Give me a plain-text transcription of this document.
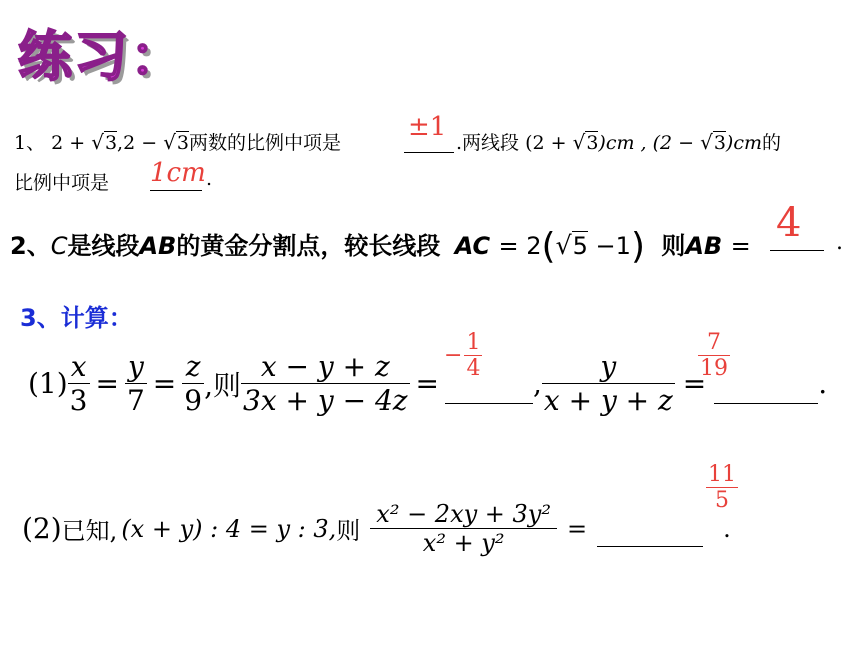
练习：
1、 2 + √3,2 − √3两数的比例中项是
±1
.两线段 (2 + √3)cm , (2 − √3)cm的
比例中项是 1cm .
2、C是线段AB的黄金分割点，较长线段 AC = 2(√5 −1) 则AB = 4 .
3、计算：
$(1) \frac{x}{3} = \frac{y}{7} = \frac{z}{9}$ ,则 $\frac{x - y + z}{3x + y - 4z}$ =	, $\frac{y}{x + y + z}$ =	.
− $\frac{1}{4}$	$\frac{7}{19}$
(2) 已知, (x + y) : 4 = y : 3, 则 $\frac{\text{x² − 2xy + 3y²}}{\text{x² + y²}}$ =	.
$\frac{11}{5}$
